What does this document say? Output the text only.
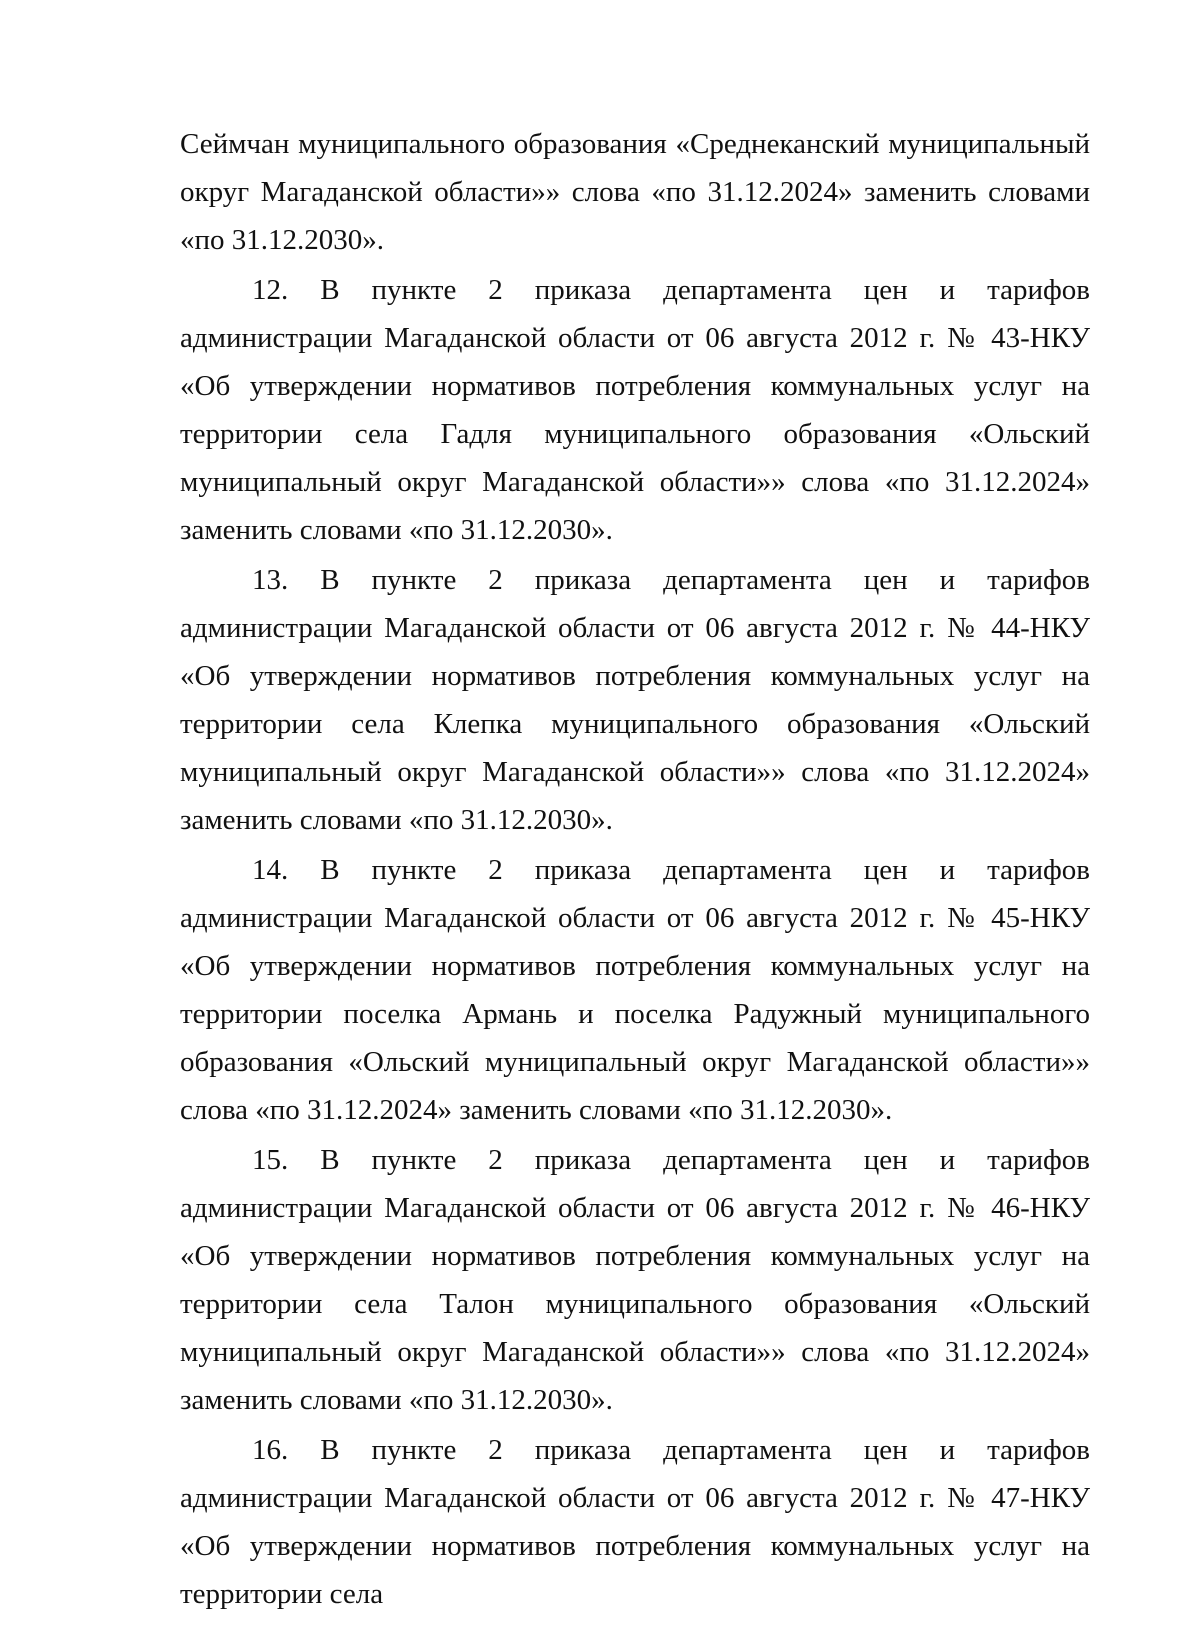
Сеймчан муниципального образования «Среднеканский муниципальный округ Магаданской области»» слова «по 31.12.2024» заменить словами «по 31.12.2030».

12. В пункте 2 приказа департамента цен и тарифов администрации Магаданской области от 06 августа 2012 г. № 43-НКУ «Об утверждении нормативов потребления коммунальных услуг на территории села Гадля муниципального образования «Ольский муниципальный округ Магаданской области»» слова «по 31.12.2024» заменить словами «по 31.12.2030».

13. В пункте 2 приказа департамента цен и тарифов администрации Магаданской области от 06 августа 2012 г. № 44-НКУ «Об утверждении нормативов потребления коммунальных услуг на территории села Клепка муниципального образования «Ольский муниципальный округ Магаданской области»» слова «по 31.12.2024» заменить словами «по 31.12.2030».

14. В пункте 2 приказа департамента цен и тарифов администрации Магаданской области от 06 августа 2012 г. № 45-НКУ «Об утверждении нормативов потребления коммунальных услуг на территории поселка Армань и поселка Радужный муниципального образования «Ольский муниципальный округ Магаданской области»» слова «по 31.12.2024» заменить словами «по 31.12.2030».

15. В пункте 2 приказа департамента цен и тарифов администрации Магаданской области от 06 августа 2012 г. № 46-НКУ «Об утверждении нормативов потребления коммунальных услуг на территории села Талон муниципального образования «Ольский муниципальный округ Магаданской области»» слова «по 31.12.2024» заменить словами «по 31.12.2030».

16. В пункте 2 приказа департамента цен и тарифов администрации Магаданской области от 06 августа 2012 г. № 47-НКУ «Об утверждении нормативов потребления коммунальных услуг на территории села
